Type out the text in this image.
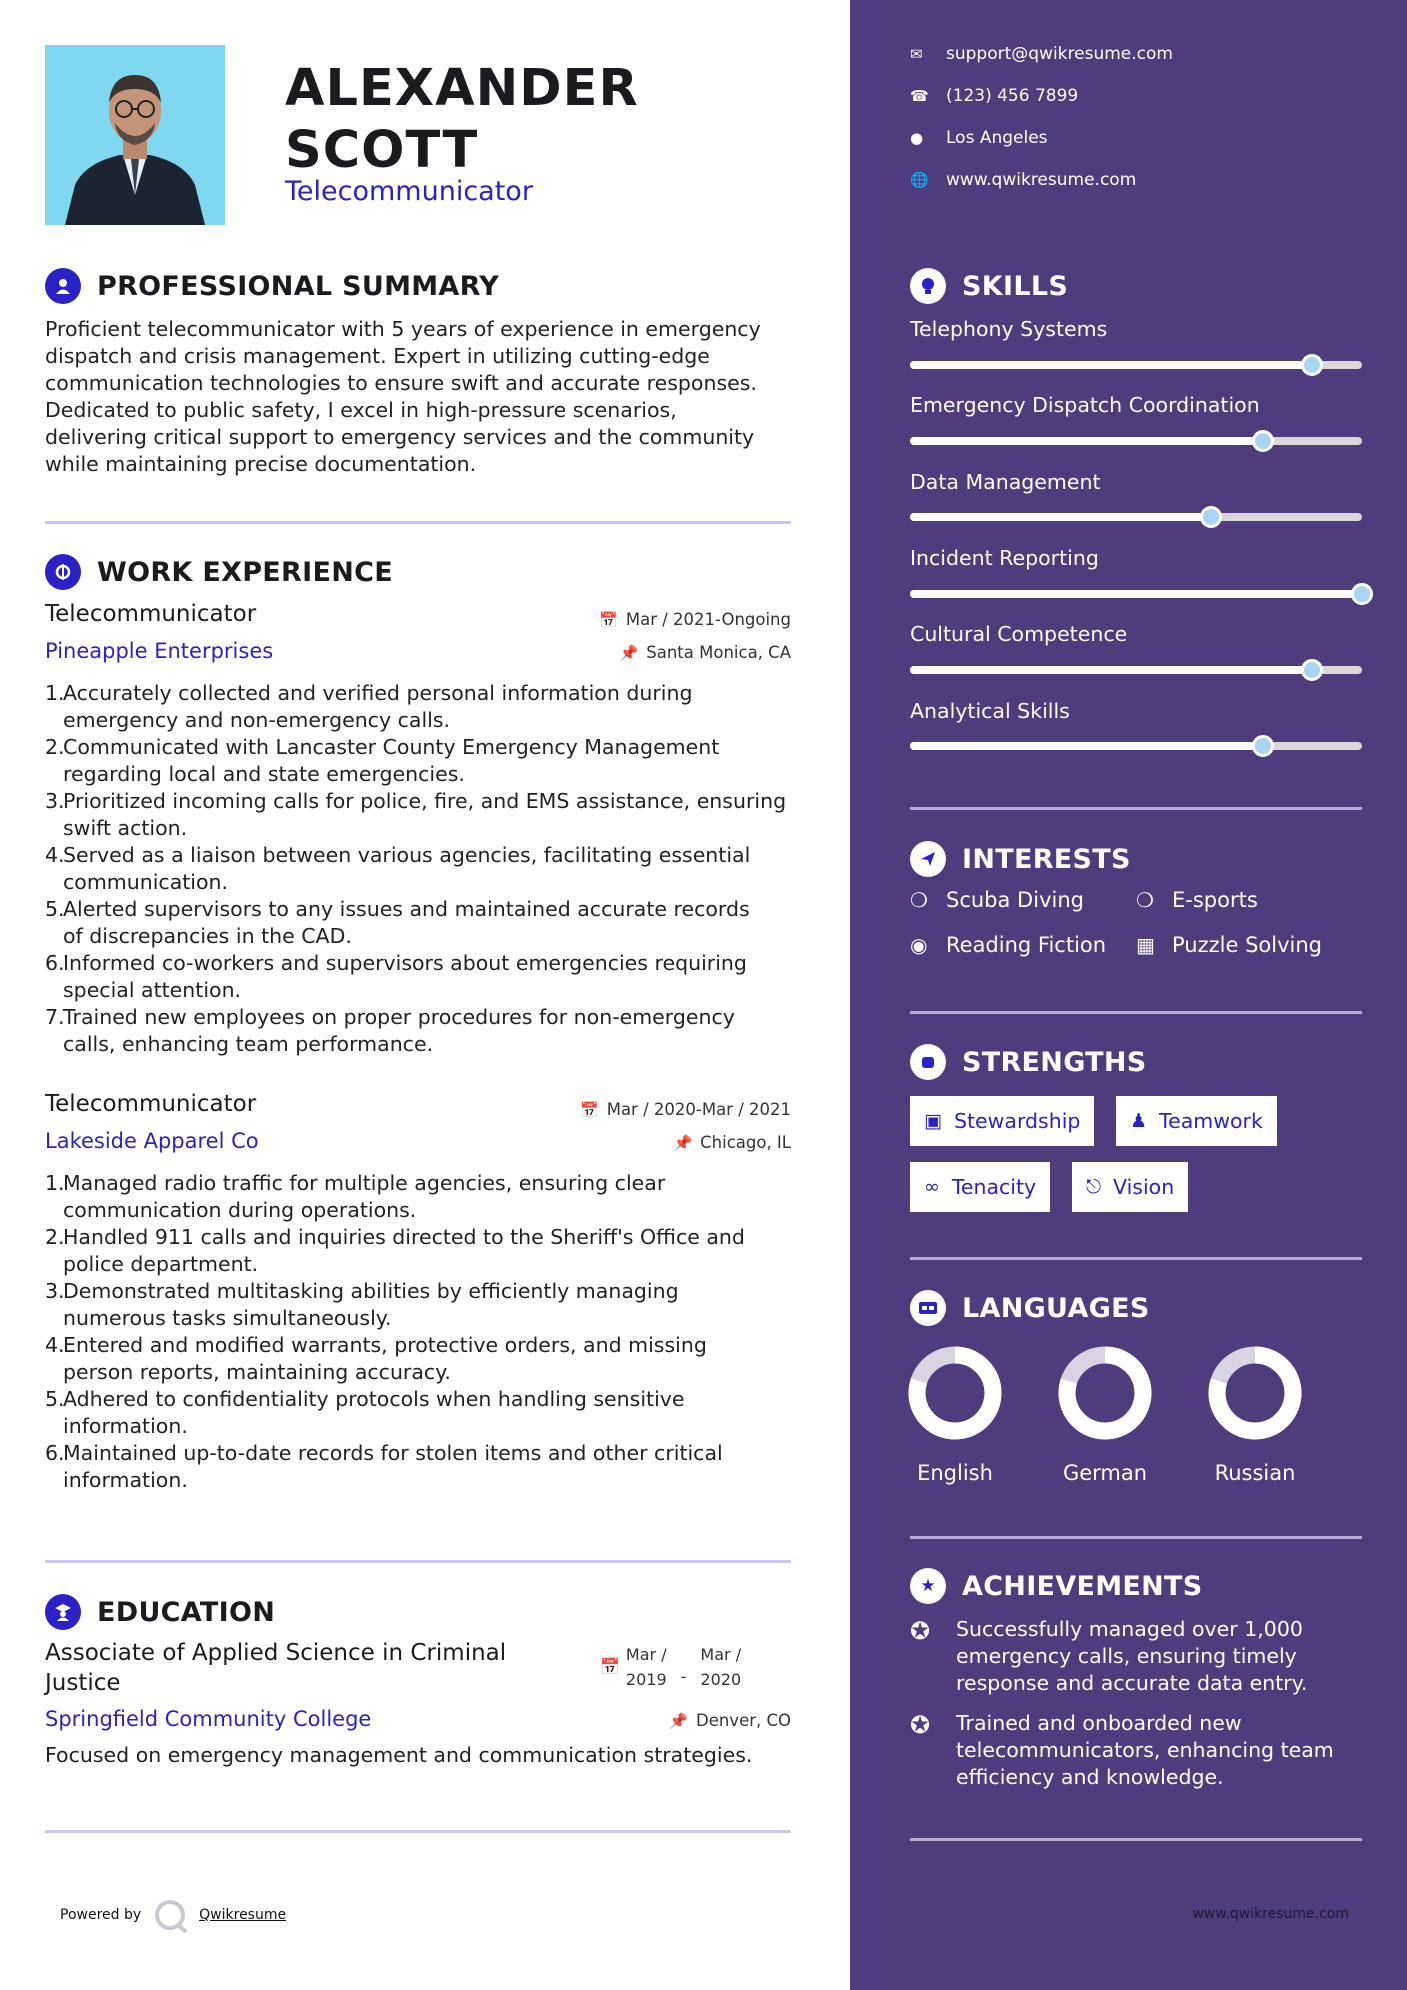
ALEXANDER
SCOTT
Telecommunicator
PROFESSIONAL SUMMARY
Proficient telecommunicator with 5 years of experience in emergency
dispatch and crisis management. Expert in utilizing cutting-edge
communication technologies to ensure swift and accurate responses.
Dedicated to public safety, I excel in high-pressure scenarios,
delivering critical support to emergency services and the community
while maintaining precise documentation.
WORK EXPERIENCE
Telecommunicator	📅 Mar / 2021-Ongoing
Pineapple Enterprises	📌 Santa Monica, CA
1.
Accurately collected and verified personal information during
emergency and non-emergency calls.
2.
Communicated with Lancaster County Emergency Management
regarding local and state emergencies.
3.
Prioritized incoming calls for police, fire, and EMS assistance, ensuring
swift action.
4.
Served as a liaison between various agencies, facilitating essential
communication.
5.
Alerted supervisors to any issues and maintained accurate records
of discrepancies in the CAD.
6.
Informed co-workers and supervisors about emergencies requiring
special attention.
7.
Trained new employees on proper procedures for non-emergency
calls, enhancing team performance.
Telecommunicator	📅 Mar / 2020-Mar / 2021
Lakeside Apparel Co	📌 Chicago, IL
1.
Managed radio traffic for multiple agencies, ensuring clear
communication during operations.
2.
Handled 911 calls and inquiries directed to the Sheriff's Office and
police department.
3.
Demonstrated multitasking abilities by efficiently managing
numerous tasks simultaneously.
4.
Entered and modified warrants, protective orders, and missing
person reports, maintaining accuracy.
5.
Adhered to confidentiality protocols when handling sensitive
information.
6.
Maintained up-to-date records for stolen items and other critical
information.
EDUCATION
Associate of Applied Science in Criminal Justice
📅
Mar /
2019 -
Mar /
2020
Springfield Community College	📌 Denver, CO
Focused on emergency management and communication strategies.
Powered by	Qwikresume
✉	support@qwikresume.com
☎	(123) 456 7899
●	Los Angeles
🌐	www.qwikresume.com
SKILLS
Telephony Systems
Emergency Dispatch Coordination
Data Management
Incident Reporting
Cultural Competence
Analytical Skills
INTERESTS
❍ Scuba Diving	❍ E-sports
◉ Reading Fiction ▦ Puzzle Solving
STRENGTHS
▣ Stewardship	♟ Teamwork
∞ Tenacity	⎋ Vision
LANGUAGES
English	German	Russian
★ ACHIEVEMENTS
✪	Successfully managed over 1,000
emergency calls, ensuring timely
response and accurate data entry.
✪	Trained and onboarded new
telecommunicators, enhancing team
efficiency and knowledge.
www.qwikresume.com
